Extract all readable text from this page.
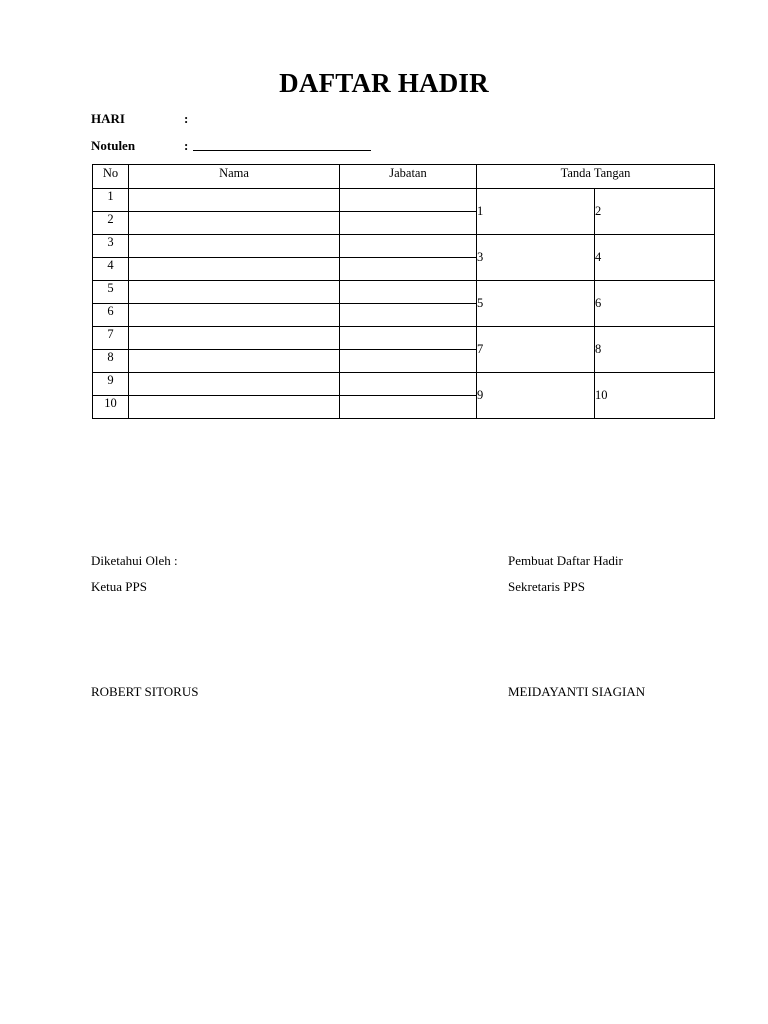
DAFTAR HADIR
HARI	:
Notulen	:
No	Nama	Jabatan	Tanda Tangan	
1			1	2
2				
3			3	4
4				
5			5	6
6				
7			7	8
8				
9			9	10
10				
Diketahui Oleh :
Ketua PPS
ROBERT SITORUS
Pembuat Daftar Hadir
Sekretaris PPS
MEIDAYANTI SIAGIAN
